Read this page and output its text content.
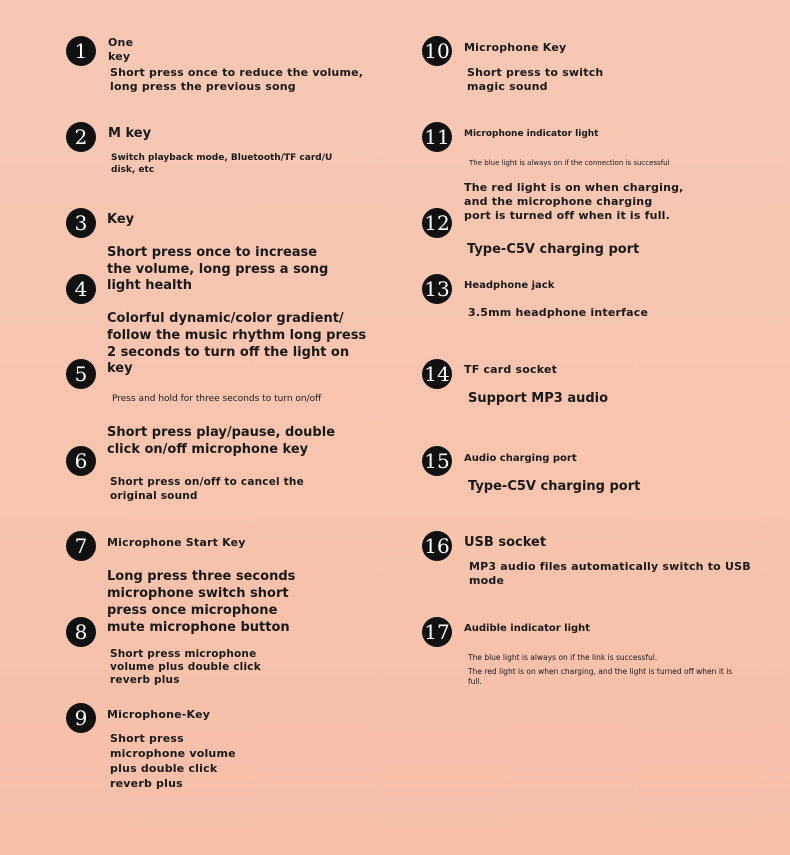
1	One
key
Short press once to reduce the volume,
long press the previous song
2	M key
Switch playback mode, Bluetooth/TF card/U
disk, etc
3	Key
Short press once to increase
the volume, long press a song
4	light health
Colorful dynamic/color gradient/
follow the music rhythm long press
2 seconds to turn off the light on
5	key
Press and hold for three seconds to turn on/off
6
Short press play/pause, double
click on/off microphone key
Short press on/off to cancel the
original sound
7	Microphone Start Key
Long press three seconds
microphone switch short
press once microphone
8	mute microphone button
Short press microphone
volume plus double click
reverb plus
9	Microphone-Key
Short press
microphone volume
plus double click
reverb plus
10 Microphone Key
Short press to switch
magic sound
11 Microphone indicator light
The blue light is always on if the connection is successful
The red light is on when charging,
and the microphone charging
port is turned off when it is full.
12
Type-C5V charging port
13 Headphone jack
3.5mm headphone interface
14 TF card socket
Support MP3 audio
15 Audio charging port
Type-C5V charging port
16 USB socket
MP3 audio files automatically switch to USB
mode
17 Audible indicator light
The blue light is always on if the link is successful.
The red light is on when charging, and the light is turned off when it is
full.
